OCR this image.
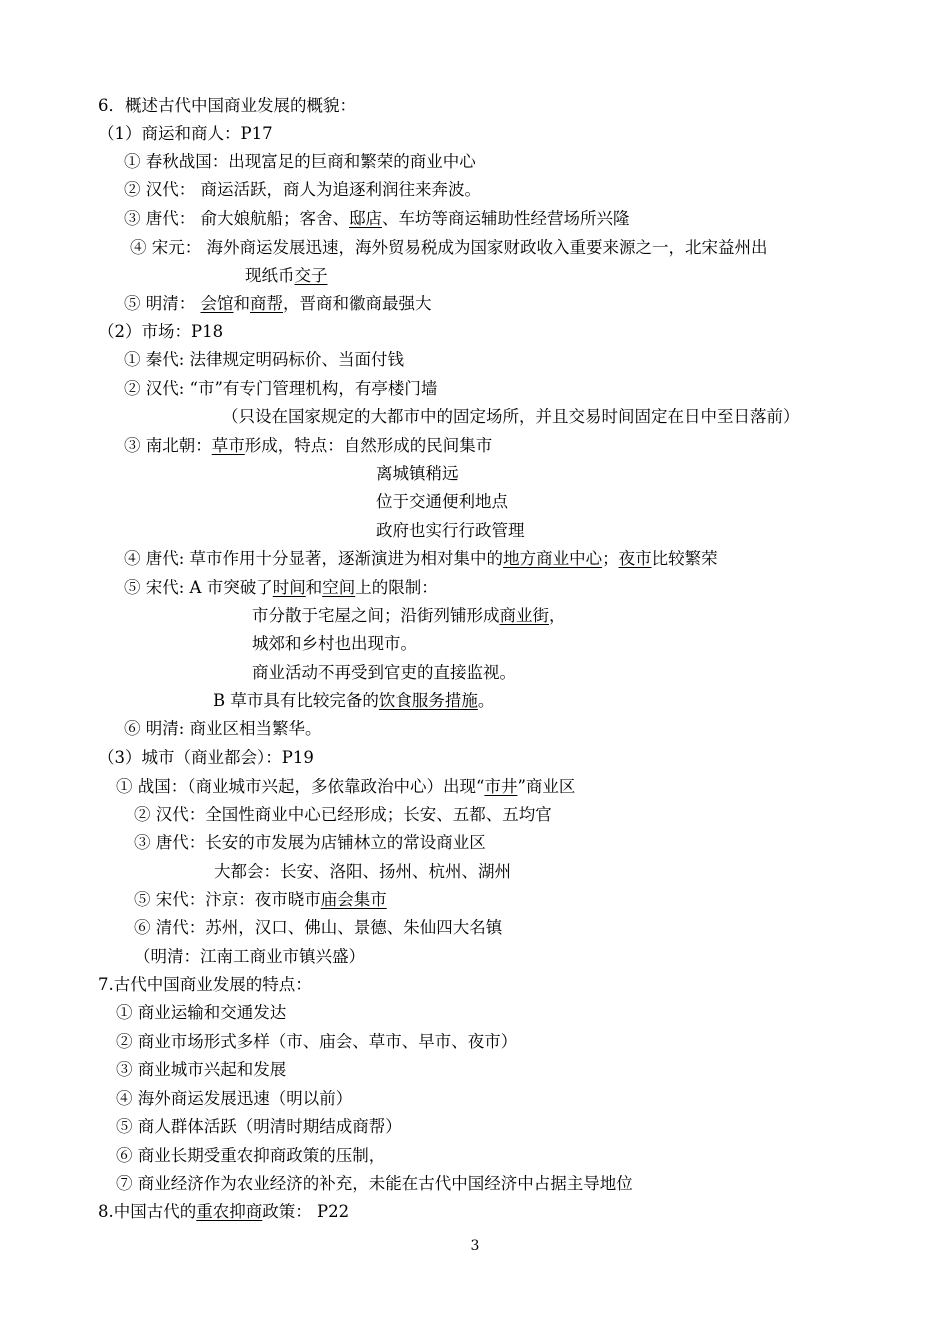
6．概述古代中国商业发展的概貌：
（1）商运和商人：P17
① 春秋战国：出现富足的巨商和繁荣的商业中心
② 汉代： 商运活跃，商人为追逐利润往来奔波。
③ 唐代： 俞大娘航船；客舍、邸店、车坊等商运辅助性经营场所兴隆
④ 宋元： 海外商运发展迅速，海外贸易税成为国家财政收入重要来源之一，北宋益州出
现纸币交子
⑤ 明清： 会馆和商帮，晋商和徽商最强大
（2）市场：P18
① 秦代: 法律规定明码标价、当面付钱
② 汉代: “市”有专门管理机构，有亭楼门墙
（只设在国家规定的大都市中的固定场所，并且交易时间固定在日中至日落前）
③ 南北朝：草市形成，特点：自然形成的民间集市
离城镇稍远
位于交通便利地点
政府也实行行政管理
④ 唐代: 草市作用十分显著，逐渐演进为相对集中的地方商业中心；夜市比较繁荣
⑤ 宋代: A 市突破了时间和空间上的限制：
市分散于宅屋之间；沿街列铺形成商业街，
城郊和乡村也出现市。
商业活动不再受到官吏的直接监视。
B 草市具有比较完备的饮食服务措施。
⑥ 明清: 商业区相当繁华。
（3）城市（商业都会）：P19
① 战国：（商业城市兴起，多依靠政治中心）出现“市井”商业区
② 汉代：全国性商业中心已经形成；长安、五都、五均官
③ 唐代：长安的市发展为店铺林立的常设商业区
大都会：长安、洛阳、扬州、杭州、湖州
⑤ 宋代：汴京：夜市晓市庙会集市
⑥ 清代：苏州，汉口、佛山、景德、朱仙四大名镇
（明清：江南工商业市镇兴盛）
7.古代中国商业发展的特点：
① 商业运输和交通发达
② 商业市场形式多样（市、庙会、草市、早市、夜市）
③ 商业城市兴起和发展
④ 海外商运发展迅速（明以前）
⑤ 商人群体活跃（明清时期结成商帮）
⑥ 商业长期受重农抑商政策的压制，
⑦ 商业经济作为农业经济的补充，未能在古代中国经济中占据主导地位
8.中国古代的重农抑商政策： P22
3
